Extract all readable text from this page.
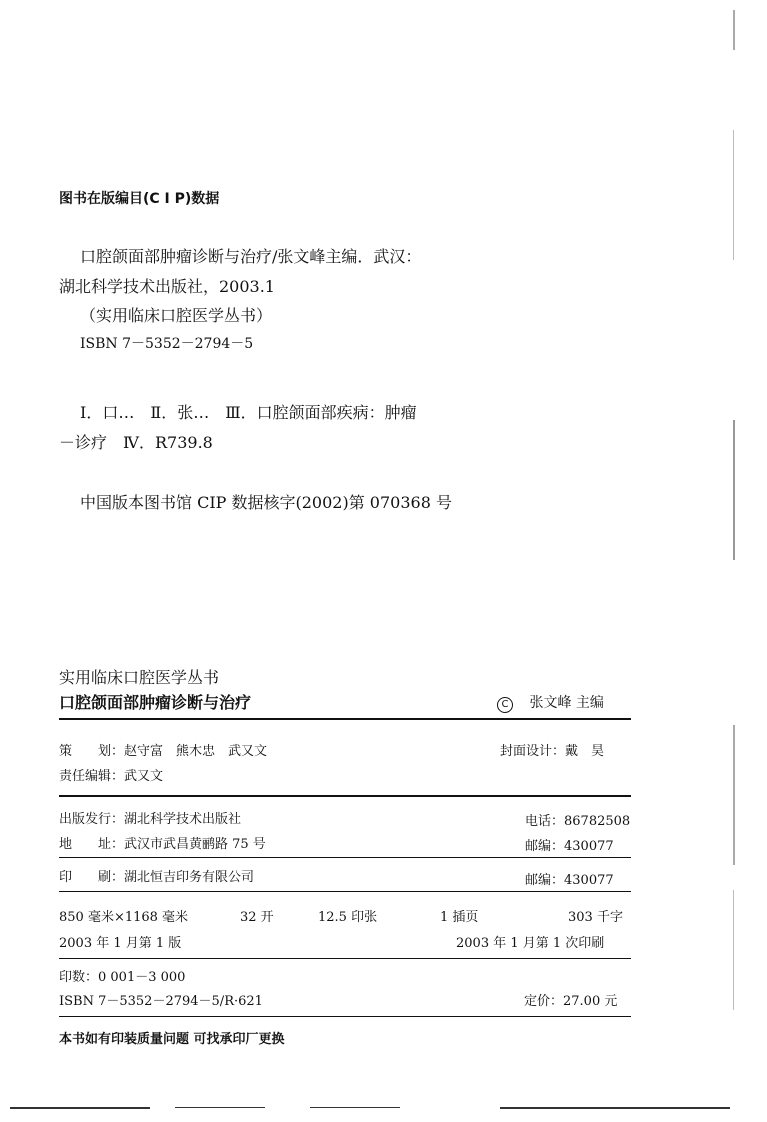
图书在版编目(C I P)数据
口腔颌面部肿瘤诊断与治疗/张文峰主编．武汉：
湖北科学技术出版社，2003.1
（实用临床口腔医学丛书）
ISBN 7－5352－2794－5
Ⅰ．口…　Ⅱ．张…　Ⅲ．口腔颌面部疾病：肿瘤
－诊疗　Ⅳ．R739.8
中国版本图书馆 CIP 数据核字(2002)第 070368 号
实用临床口腔医学丛书
口腔颌面部肿瘤诊断与治疗	C 张文峰 主编
策　　划：赵守富　熊木忠　武又文	封面设计：戴　昊
责任编辑：武又文
出版发行：湖北科学技术出版社	电话：86782508
地　　址：武汉市武昌黄鹂路 75 号	邮编：430077
印　　刷：湖北恒吉印务有限公司	邮编：430077
850 毫米×1168 毫米	32 开	12.5 印张	1 插页	303 千字
2003 年 1 月第 1 版	2003 年 1 月第 1 次印刷
印数：0 001－3 000
ISBN 7－5352－2794－5/R·621	定价：27.00 元
本书如有印装质量问题 可找承印厂更换
